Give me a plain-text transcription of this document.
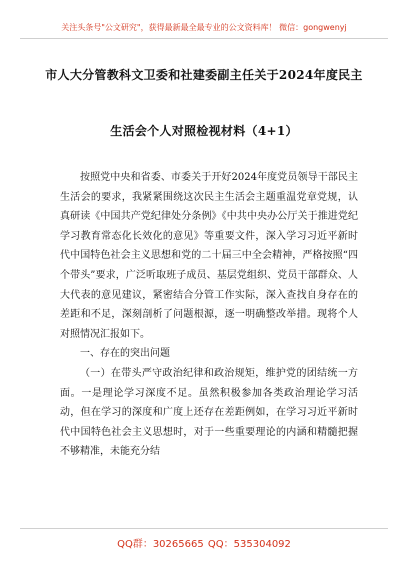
关注头条号"公文研究"，获得最新最全最专业的公文资料库！ 微信：gongwenyj
市人大分管教科文卫委和社建委副主任关于2024年度民主
生活会个人对照检视材料（4+1）

按照党中央和省委、市委关于开好2024年度党员领导干部民主生活会的要求，我紧紧围绕这次民主生活会主题重温党章党规，认真研读《中国共产党纪律处分条例》《中共中央办公厅关于推进党纪学习教育常态化长效化的意见》等重要文件，深入学习习近平新时代中国特色社会主义思想和党的二十届三中全会精神，严格按照“四个带头”要求，广泛听取班子成员、基层党组织、党员干部群众、人大代表的意见建议，紧密结合分管工作实际，深入查找自身存在的差距和不足，深刻剖析了问题根源，逐一明确整改举措。现将个人对照情况汇报如下。

一、存在的突出问题

（一）在带头严守政治纪律和政治规矩，维护党的团结统一方面。一是理论学习深度不足。虽然积极参加各类政治理论学习活动，但在学习的深度和广度上还存在差距例如，在学习习近平新时代中国特色社会主义思想时，对于一些重要理论的内涵和精髓把握不够精准，未能充分结

QQ群：30265665 QQ：535304092
